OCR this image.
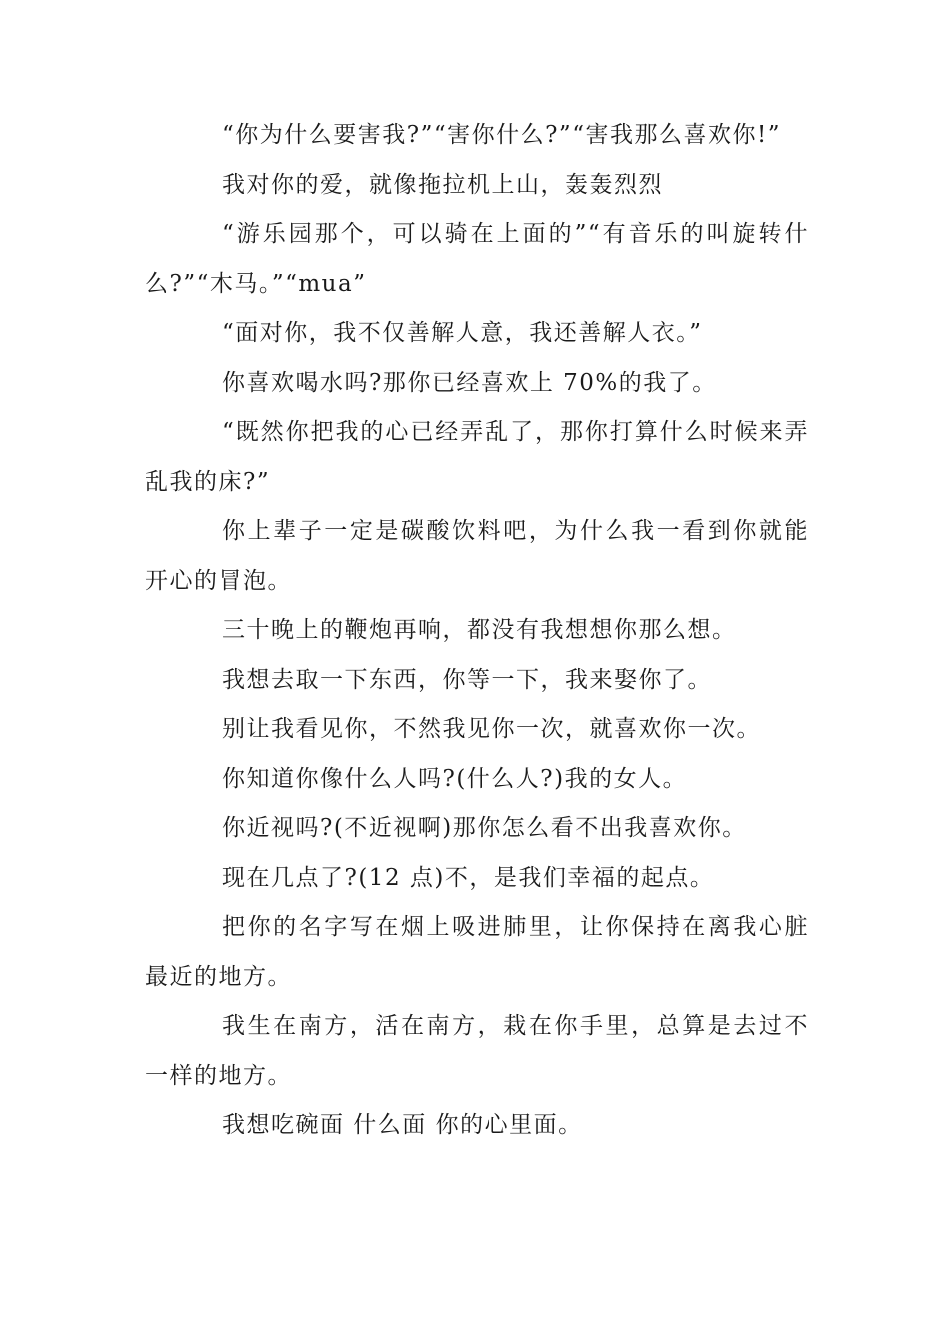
“你为什么要害我?”“害你什么?”“害我那么喜欢你!”

我对你的爱，就像拖拉机上山，轰轰烈烈

“游乐园那个，可以骑在上面的”“有音乐的叫旋转什么?”“木马。”“mua”

“面对你，我不仅善解人意，我还善解人衣。”

你喜欢喝水吗?那你已经喜欢上 70%的我了。

“既然你把我的心已经弄乱了，那你打算什么时候来弄乱我的床?”

你上辈子一定是碳酸饮料吧，为什么我一看到你就能开心的冒泡。

三十晚上的鞭炮再响，都没有我想想你那么想。

我想去取一下东西，你等一下，我来娶你了。

别让我看见你，不然我见你一次，就喜欢你一次。

你知道你像什么人吗?(什么人?)我的女人。

你近视吗?(不近视啊)那你怎么看不出我喜欢你。

现在几点了?(12 点)不，是我们幸福的起点。

把你的名字写在烟上吸进肺里，让你保持在离我心脏最近的地方。

我生在南方，活在南方，栽在你手里，总算是去过不一样的地方。

我想吃碗面 什么面 你的心里面。
